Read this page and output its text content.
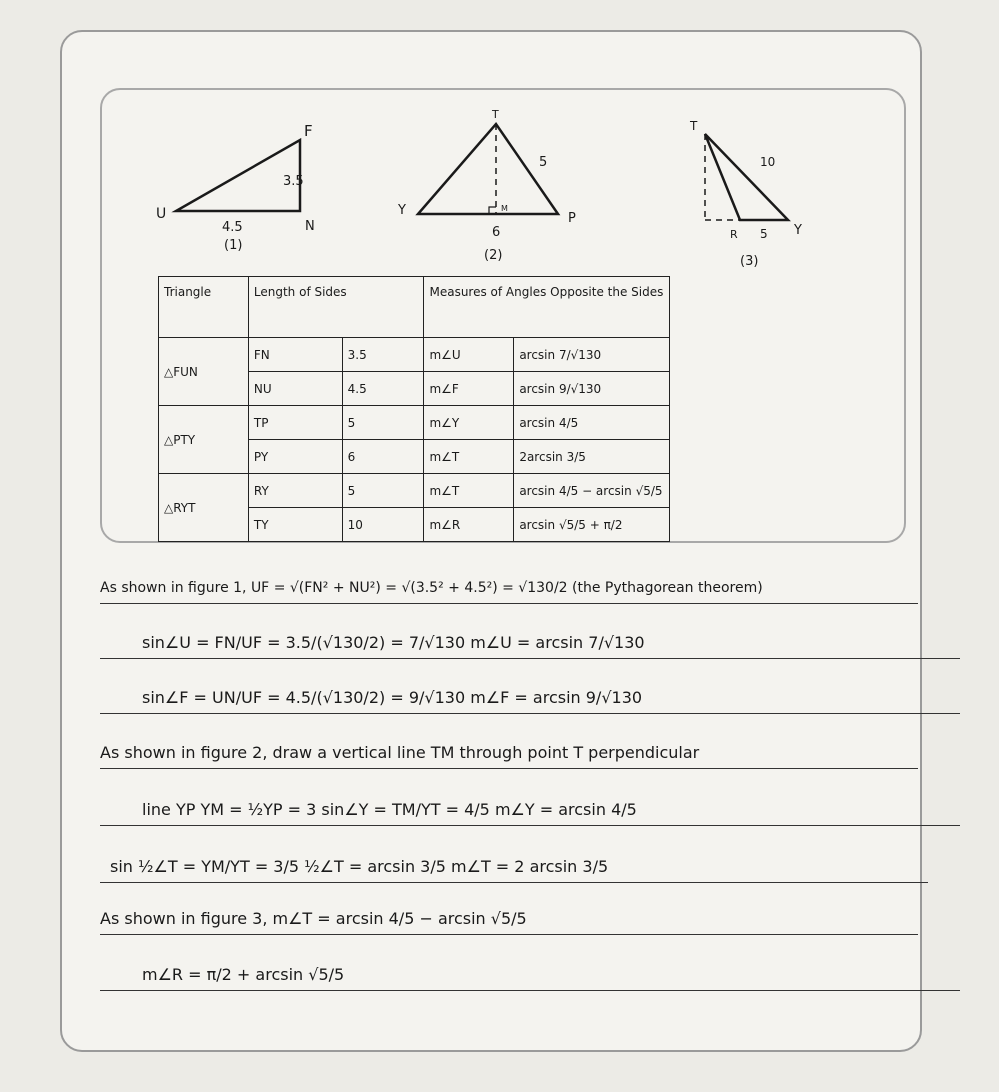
F
U
N
3.5
4.5
(1)
T
Y
P
M
5
6
(2)
T
R	Y
10
5
(3)
Triangle	Length of Sides		Measures of Angles Opposite the Sides	
△FUN	FN	3.5	m∠U	arcsin 7/√130
	NU	4.5	m∠F	arcsin 9/√130
△PTY	TP	5	m∠Y	arcsin 4/5
	PY	6	m∠T	2arcsin 3/5
△RYT	RY	5	m∠T	arcsin 4/5 − arcsin √5/5
	TY	10	m∠R	arcsin √5/5 + π/2
As shown in figure 1, UF = √(FN² + NU²) = √(3.5² + 4.5²) = √130/2 (the Pythagorean theorem)
sin∠U = FN/UF = 3.5/(√130/2) = 7/√130 m∠U = arcsin 7/√130
sin∠F = UN/UF = 4.5/(√130/2) = 9/√130 m∠F = arcsin 9/√130
As shown in figure 2, draw a vertical line TM through point T perpendicular
line YP YM = ½YP = 3 sin∠Y = TM/YT = 4/5 m∠Y = arcsin 4/5
sin ½∠T = YM/YT = 3/5 ½∠T = arcsin 3/5 m∠T = 2 arcsin 3/5
As shown in figure 3, m∠T = arcsin 4/5 − arcsin √5/5
m∠R = π/2 + arcsin √5/5
